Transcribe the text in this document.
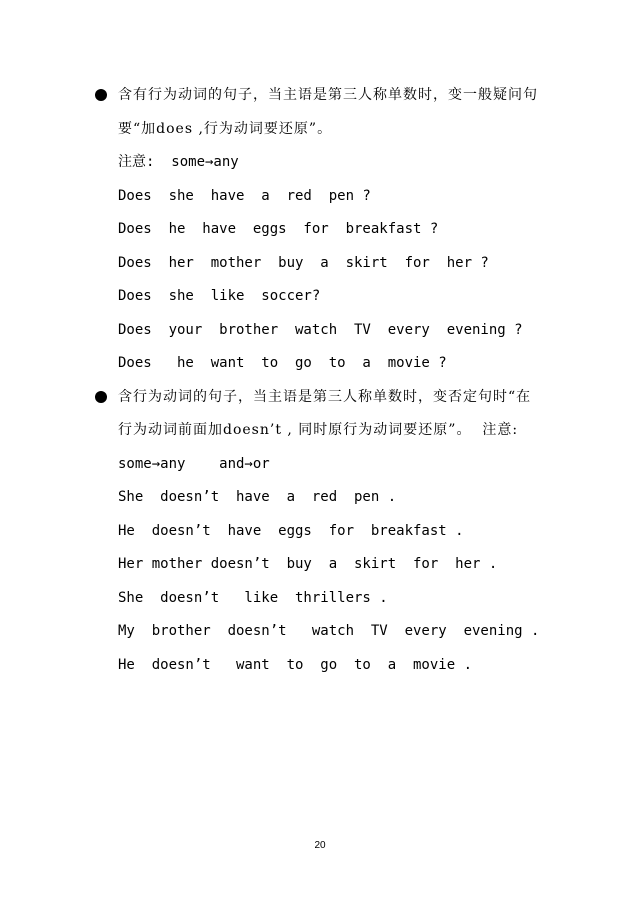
含有行为动词的句子，当主语是第三人称单数时，变一般疑问句
要“加does ,行为动词要还原”。
注意:  some→any
Does  she  have  a  red  pen ?
Does  he  have  eggs  for  breakfast ?
Does  her  mother  buy  a  skirt  for  her ?
Does  she  like  soccer?
Does  your  brother  watch  TV  every  evening ?
Does   he  want  to  go  to  a  movie ?
含行为动词的句子，当主语是第三人称单数时，变否定句时“在
行为动词前面加doesn’t , 同时原行为动词要还原”。  注意:
some→any    and→or
She  doesn’t  have  a  red  pen .
He  doesn’t  have  eggs  for  breakfast .
Her mother doesn’t  buy  a  skirt  for  her .
She  doesn’t   like  thrillers .
My  brother  doesn’t   watch  TV  every  evening .
He  doesn’t   want  to  go  to  a  movie .
20
